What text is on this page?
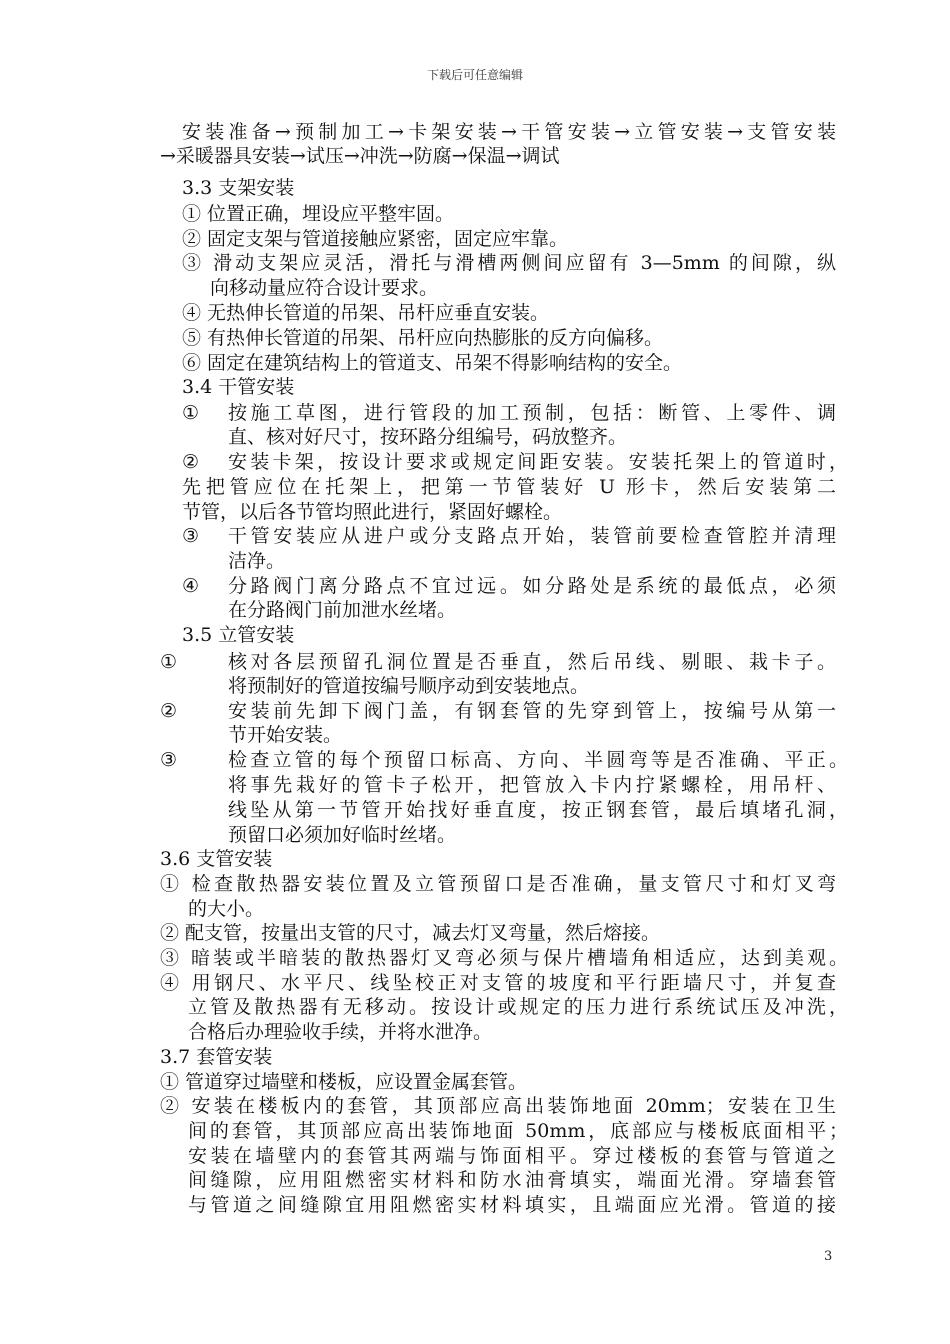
下载后可任意编辑
安装准备→预制加工→卡架安装→干管安装→立管安装→支管安装
→采暖器具安装→试压→冲洗→防腐→保温→调试
3.3 支架安装
① 位置正确，埋设应平整牢固。
② 固定支架与管道接触应紧密，固定应牢靠。
③ 滑动支架应灵活，滑托与滑槽两侧间应留有 3—5mm 的间隙，纵
向移动量应符合设计要求。
④ 无热伸长管道的吊架、吊杆应垂直安装。
⑤ 有热伸长管道的吊架、吊杆应向热膨胀的反方向偏移。
⑥ 固定在建筑结构上的管道支、吊架不得影响结构的安全。
3.4 干管安装
① 按施工草图，进行管段的加工预制，包括：断管、上零件、调
直、核对好尺寸，按环路分组编号，码放整齐。
② 安装卡架，按设计要求或规定间距安装。安装托架上的管道时，
先把管应位在托架上，把第一节管装好 U 形卡，然后安装第二
节管，以后各节管均照此进行，紧固好螺栓。
③ 干管安装应从进户或分支路点开始，装管前要检查管腔并清理
洁净。
④ 分路阀门离分路点不宜过远。如分路处是系统的最低点，必须
在分路阀门前加泄水丝堵。
3.5 立管安装
①	核对各层预留孔洞位置是否垂直，然后吊线、剔眼、栽卡子。
将预制好的管道按编号顺序动到安装地点。
②	安装前先卸下阀门盖，有钢套管的先穿到管上，按编号从第一
节开始安装。
③	检查立管的每个预留口标高、方向、半圆弯等是否准确、平正。
将事先栽好的管卡子松开，把管放入卡内拧紧螺栓，用吊杆、
线坠从第一节管开始找好垂直度，按正钢套管，最后填堵孔洞，
预留口必须加好临时丝堵。
3.6 支管安装
① 检查散热器安装位置及立管预留口是否准确，量支管尺寸和灯叉弯
的大小。
② 配支管，按量出支管的尺寸，减去灯叉弯量，然后熔接。
③ 暗装或半暗装的散热器灯叉弯必须与保片槽墙角相适应，达到美观。
④ 用钢尺、水平尺、线坠校正对支管的坡度和平行距墙尺寸，并复查
立管及散热器有无移动。按设计或规定的压力进行系统试压及冲洗，
合格后办理验收手续，并将水泄净。
3.7 套管安装
① 管道穿过墙壁和楼板，应设置金属套管。
② 安装在楼板内的套管，其顶部应高出装饰地面 20mm；安装在卫生
间的套管，其顶部应高出装饰地面 50mm，底部应与楼板底面相平；
安装在墙壁内的套管其两端与饰面相平。穿过楼板的套管与管道之
间缝隙，应用阻燃密实材料和防水油膏填实，端面光滑。穿墙套管
与管道之间缝隙宜用阻燃密实材料填实，且端面应光滑。管道的接
3
